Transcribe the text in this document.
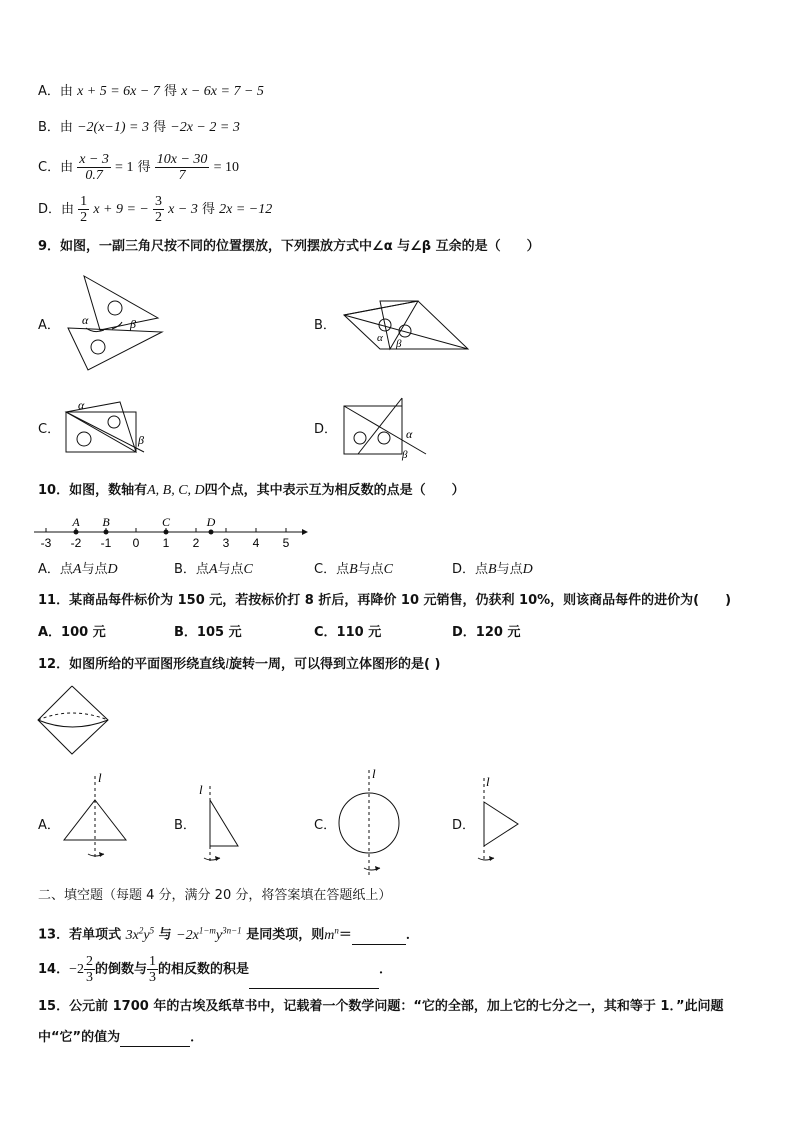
A．由 x + 5 = 6x − 7 得 x − 6x = 7 − 5
B．由 −2(x−1) = 3 得 −2x − 2 = 3
C．由 $\frac{x - 3}{0.7} = 1$ 得 $\frac{10x - 30}{7} = 10$
D．由 $\frac{1}{2}$ x + 9 = − $\frac{3}{2}$ x − 3 得 2x = −12
9．如图，一副三角尺按不同的位置摆放，下列摆放方式中∠α 与∠β 互余的是（　　）
A． α	β	B．
α β
C．
α
β
D．	α
β
10．如图，数轴有A, B, C, D四个点，其中表示互为相反数的点是（　　）
-3 -2 -1 0 1 2 3 4 5
A B	C	D
A．点A与点D	B．点A与点C	C．点B与点C	D．点B与点D
11．某商品每件标价为 150 元，若按标价打 8 折后，再降价 10 元销售，仍获利 10%，则该商品每件的进价为(　　)
A．100 元	B．105 元	C．110 元	D．120 元
12．如图所给的平面图形绕直线l旋转一周，可以得到立体图形的是( )
A．
l
B．
l
C．
l
D．
l
二、填空题（每题 4 分，满分 20 分，将答案填在答题纸上）
13．若单项式 $3x^2y^5$ 与 $-2x^{1-m}y^{3n-1}$ 是同类项，则$m^n=$	．
14．$-2 \frac{2}{3}$ 的倒数与 $\frac{1}{3}$ 的相反数的积是	．
15．公元前 1700 年的古埃及纸草书中，记载着一个数学问题：“它的全部，加上它的七分之一，其和等于 1．”此问题
中“它”的值为	．
